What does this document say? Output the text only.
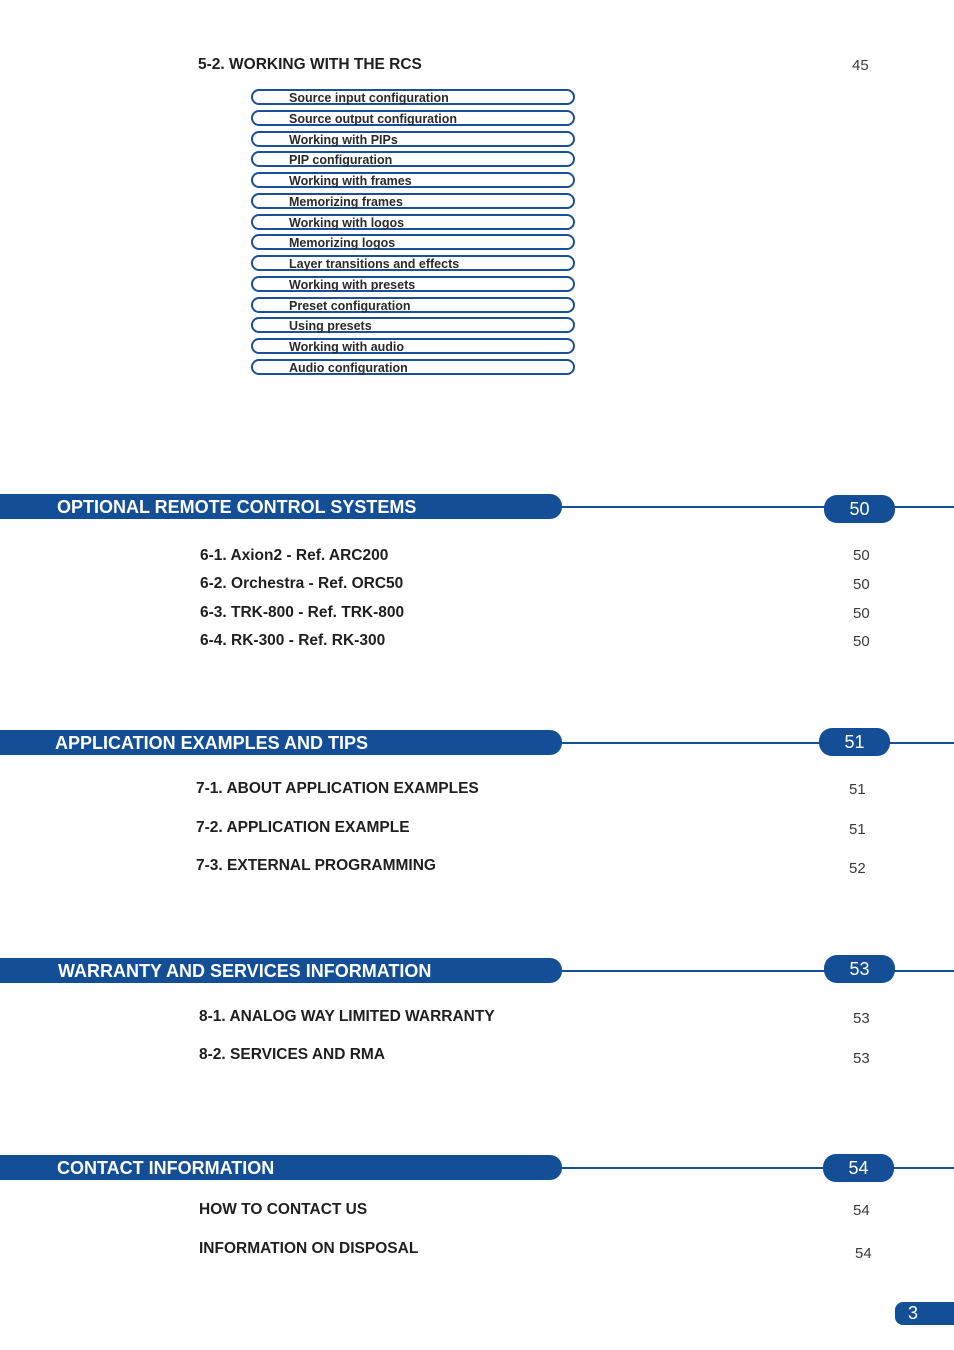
5-2. WORKING WITH THE RCS	45
Source input configuration
Source output configuration
Working with PIPs
PIP configuration
Working with frames
Memorizing frames
Working with logos
Memorizing logos
Layer transitions and effects
Working with presets
Preset configuration
Using presets
Working with audio
Audio configuration
OPTIONAL REMOTE CONTROL SYSTEMS	50
6-1. Axion2 - Ref. ARC200	50
6-2. Orchestra - Ref. ORC50	50
6-3. TRK-800 - Ref. TRK-800	50
6-4. RK-300 - Ref. RK-300	50
APPLICATION EXAMPLES AND TIPS	51
7-1. ABOUT APPLICATION EXAMPLES	51
7-2. APPLICATION EXAMPLE	51
7-3. EXTERNAL PROGRAMMING	52
WARRANTY AND SERVICES INFORMATION	53
8-1. ANALOG WAY LIMITED WARRANTY	53
8-2. SERVICES AND RMA	53
CONTACT INFORMATION	54
HOW TO CONTACT US	54
INFORMATION ON DISPOSAL	54
3
